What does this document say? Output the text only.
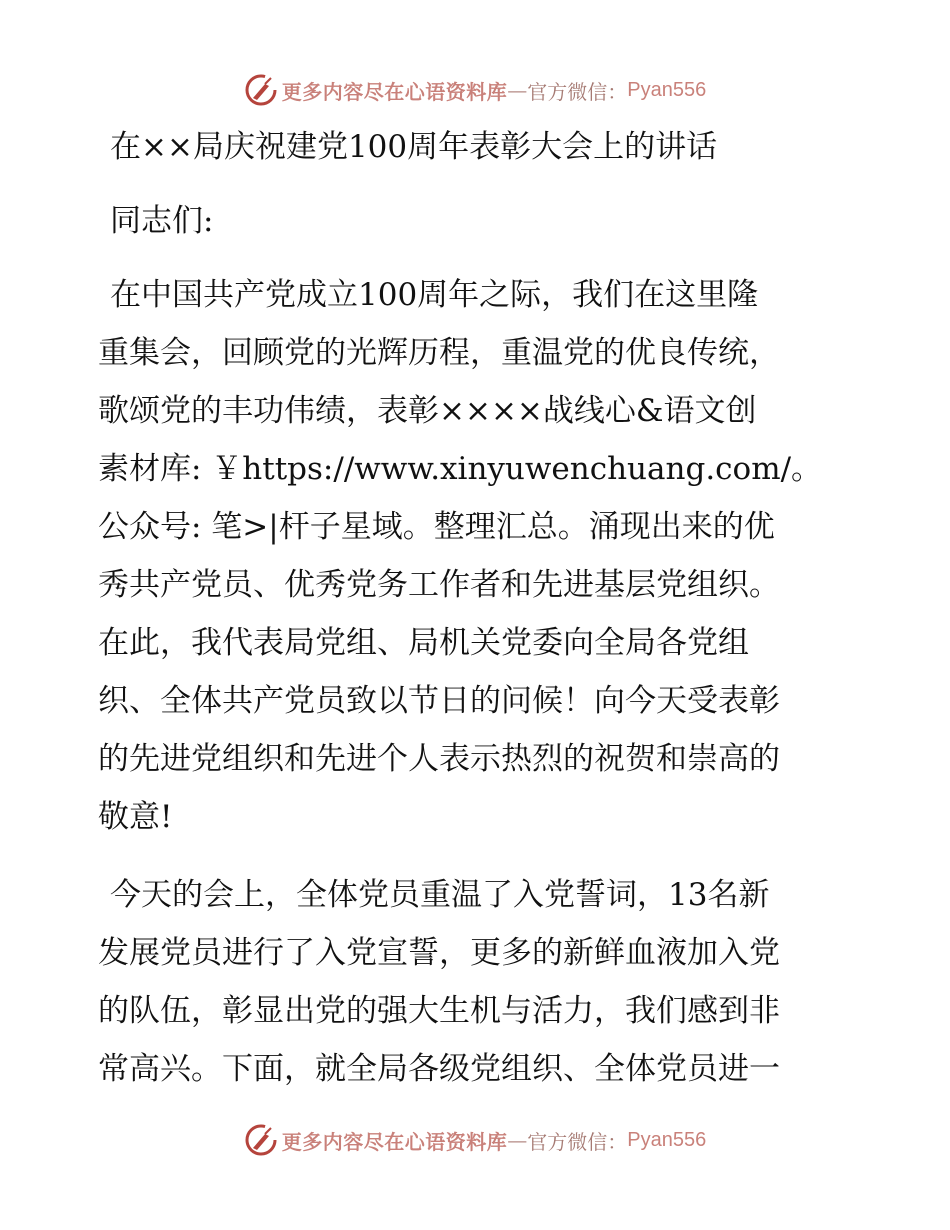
更多内容尽在心语资料库 — 官方微信： Pyan556
在××局庆祝建党100周年表彰大会上的讲话
同志们:
在中国共产党成立100周年之际，我们在这里隆
重集会，回顾党的光辉历程，重温党的优良传统，
歌颂党的丰功伟绩，表彰××××战线心&语文创
素材库: ￥https://www.xinyuwenchuang.com/。
公众号: 笔>|杆子星域。整理汇总。涌现出来的优
秀共产党员、优秀党务工作者和先进基层党组织。
在此，我代表局党组、局机关党委向全局各党组
织、全体共产党员致以节日的问候！向今天受表彰
的先进党组织和先进个人表示热烈的祝贺和崇高的
敬意!
今天的会上，全体党员重温了入党誓词，13名新
发展党员进行了入党宣誓，更多的新鲜血液加入党
的队伍，彰显出党的强大生机与活力，我们感到非
常高兴。下面，就全局各级党组织、全体党员进一
更多内容尽在心语资料库 — 官方微信： Pyan556
